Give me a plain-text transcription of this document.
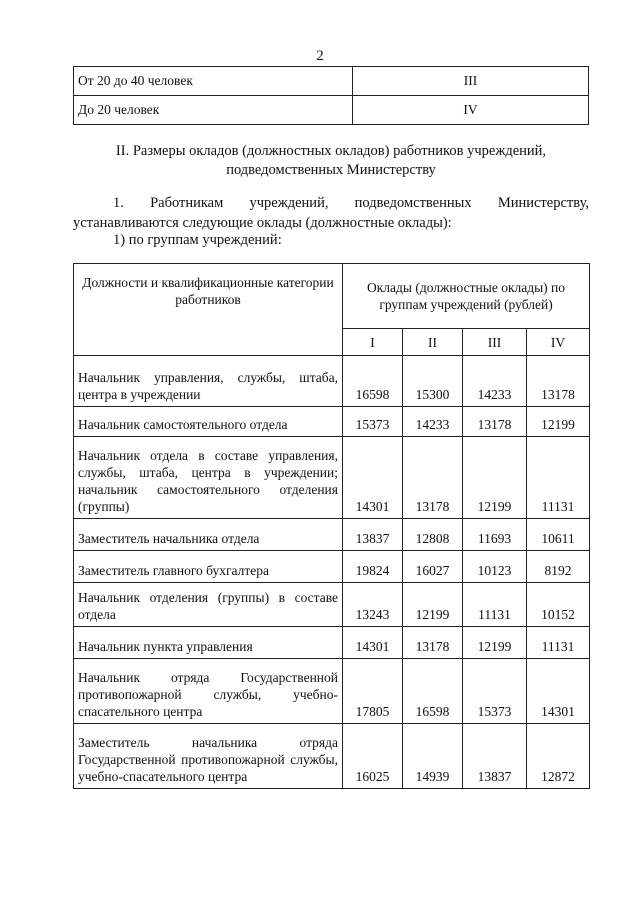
2
От 20 до 40 человек	III
До 20 человек	IV
II. Размеры окладов (должностных окладов) работников учреждений,
подведомственных Министерству
1. Работникам учреждений, подведомственных Министерству,
устанавливаются следующие оклады (должностные оклады):
1) по группам учреждений:
Должности и квалификационные категории работников	Оклады (должностные оклады) по группам учреждений (рублей)			
	I	II	III	IV
Начальник управления, службы, штаба, центра в учреждении	16598	15300	14233	13178
Начальник самостоятельного отдела	15373	14233	13178	12199
Начальник отдела в составе управления, службы, штаба, центра в учреждении; начальник самостоятельного отделения (группы)	14301	13178	12199	11131
Заместитель начальника отдела	13837	12808	11693	10611
Заместитель главного бухгалтера	19824	16027	10123	8192
Начальник отделения (группы) в составе отдела	13243	12199	11131	10152
Начальник пункта управления	14301	13178	12199	11131
Начальник отряда Государственной противопожарной службы, учебно-спасательного центра	17805	16598	15373	14301
Заместитель начальника отряда Государственной противопожарной службы, учебно-спасательного центра	16025	14939	13837	12872
